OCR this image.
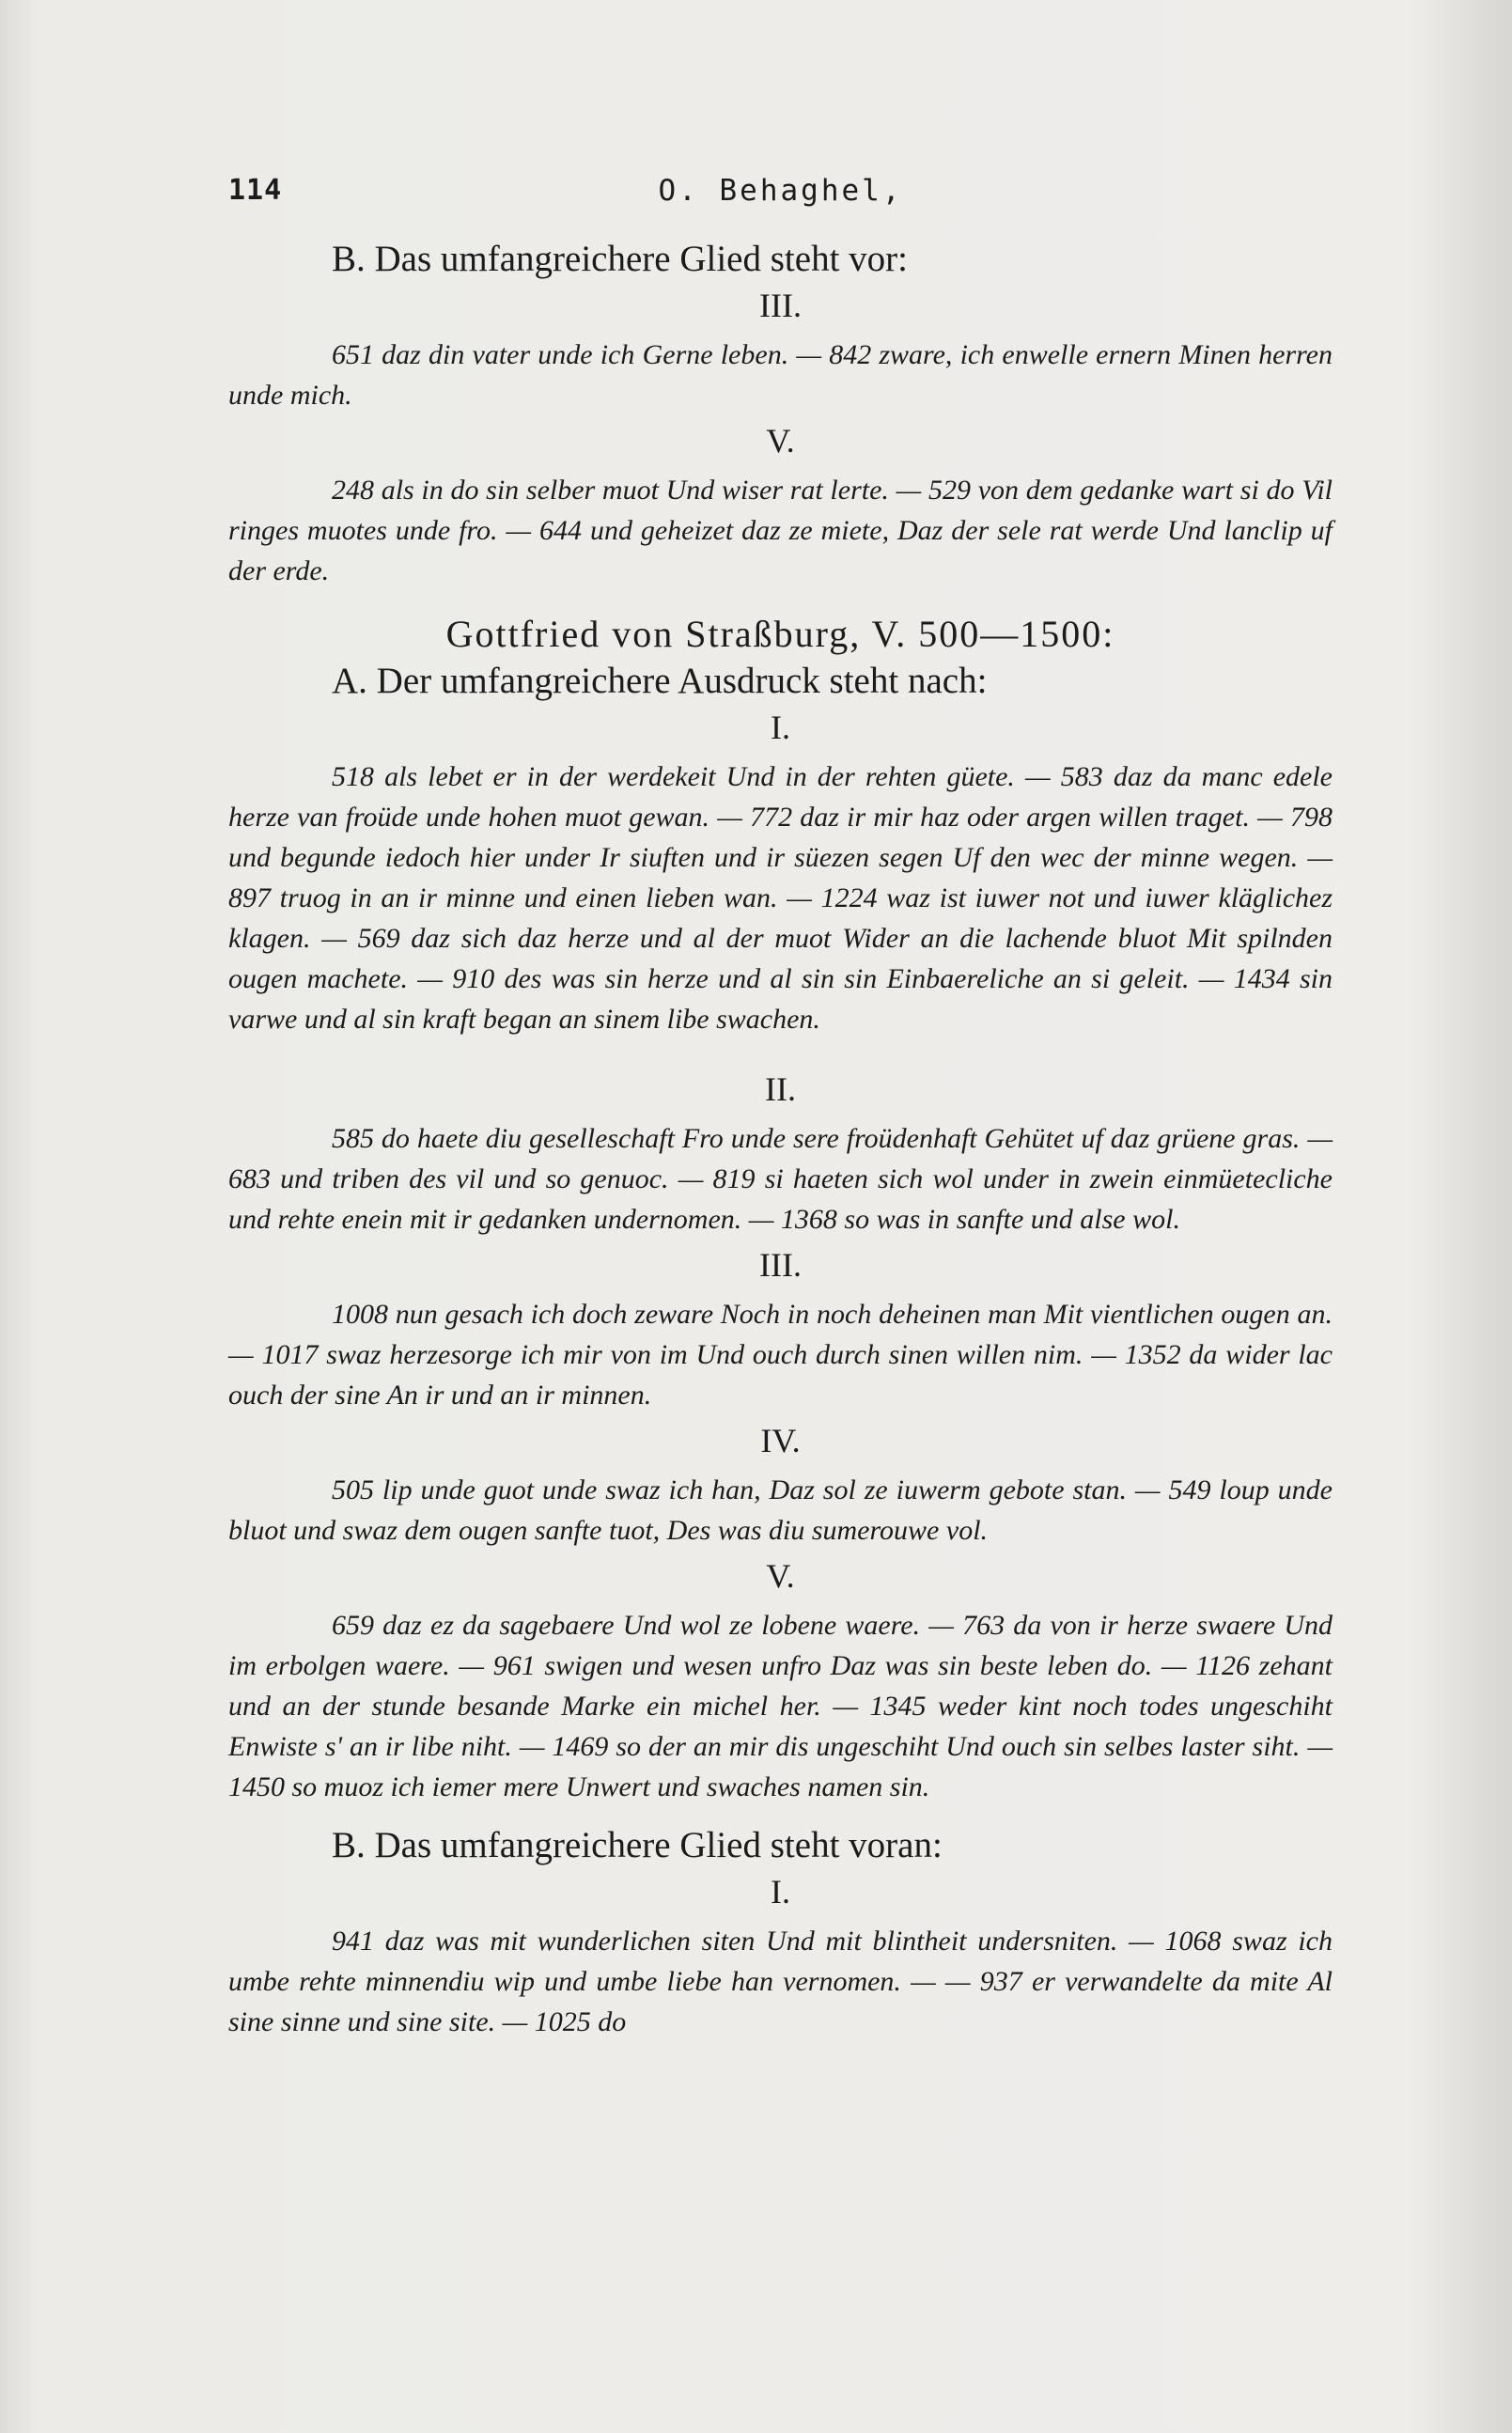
114	O. Behaghel,
B. Das umfangreichere Glied steht vor:
III.

651 daz din vater unde ich Gerne leben. — 842 zware, ich enwelle ernern Minen herren unde mich.

V.

248 als in do sin selber muot Und wiser rat lerte. — 529 von dem gedanke wart si do Vil ringes muotes unde fro. — 644 und geheizet daz ze miete, Daz der sele rat werde Und lanclip uf der erde.

Gottfried von Straßburg, V. 500—1500:
A. Der umfangreichere Ausdruck steht nach:
I.

518 als lebet er in der werdekeit Und in der rehten güete. — 583 daz da manc edele herze van froüde unde hohen muot gewan. — 772 daz ir mir haz oder argen willen traget. — 798 und begunde iedoch hier under Ir siuften und ir süezen segen Uf den wec der minne wegen. — 897 truog in an ir minne und einen lieben wan. — 1224 waz ist iuwer not und iuwer kläglichez klagen. — 569 daz sich daz herze und al der muot Wider an die lachende bluot Mit spilnden ougen machete. — 910 des was sin herze und al sin sin Einbaereliche an si geleit. — 1434 sin varwe und al sin kraft began an sinem libe swachen.

II.

585 do haete diu geselleschaft Fro unde sere froüdenhaft Gehütet uf daz grüene gras. — 683 und triben des vil und so genuoc. — 819 si haeten sich wol under in zwein einmüetecliche und rehte enein mit ir gedanken undernomen. — 1368 so was in sanfte und alse wol.

III.

1008 nun gesach ich doch zeware Noch in noch deheinen man Mit vientlichen ougen an. — 1017 swaz herzesorge ich mir von im Und ouch durch sinen willen nim. — 1352 da wider lac ouch der sine An ir und an ir minnen.

IV.

505 lip unde guot unde swaz ich han, Daz sol ze iuwerm gebote stan. — 549 loup unde bluot und swaz dem ougen sanfte tuot, Des was diu sumerouwe vol.

V.

659 daz ez da sagebaere Und wol ze lobene waere. — 763 da von ir herze swaere Und im erbolgen waere. — 961 swigen und wesen unfro Daz was sin beste leben do. — 1126 zehant und an der stunde besande Marke ein michel her. — 1345 weder kint noch todes ungeschiht Enwiste s' an ir libe niht. — 1469 so der an mir dis ungeschiht Und ouch sin selbes laster siht. — 1450 so muoz ich iemer mere Unwert und swaches namen sin.

B. Das umfangreichere Glied steht voran:
I.

941 daz was mit wunderlichen siten Und mit blintheit undersniten. — 1068 swaz ich umbe rehte minnendiu wip und umbe liebe han vernomen. — — 937 er verwandelte da mite Al sine sinne und sine site. — 1025 do
